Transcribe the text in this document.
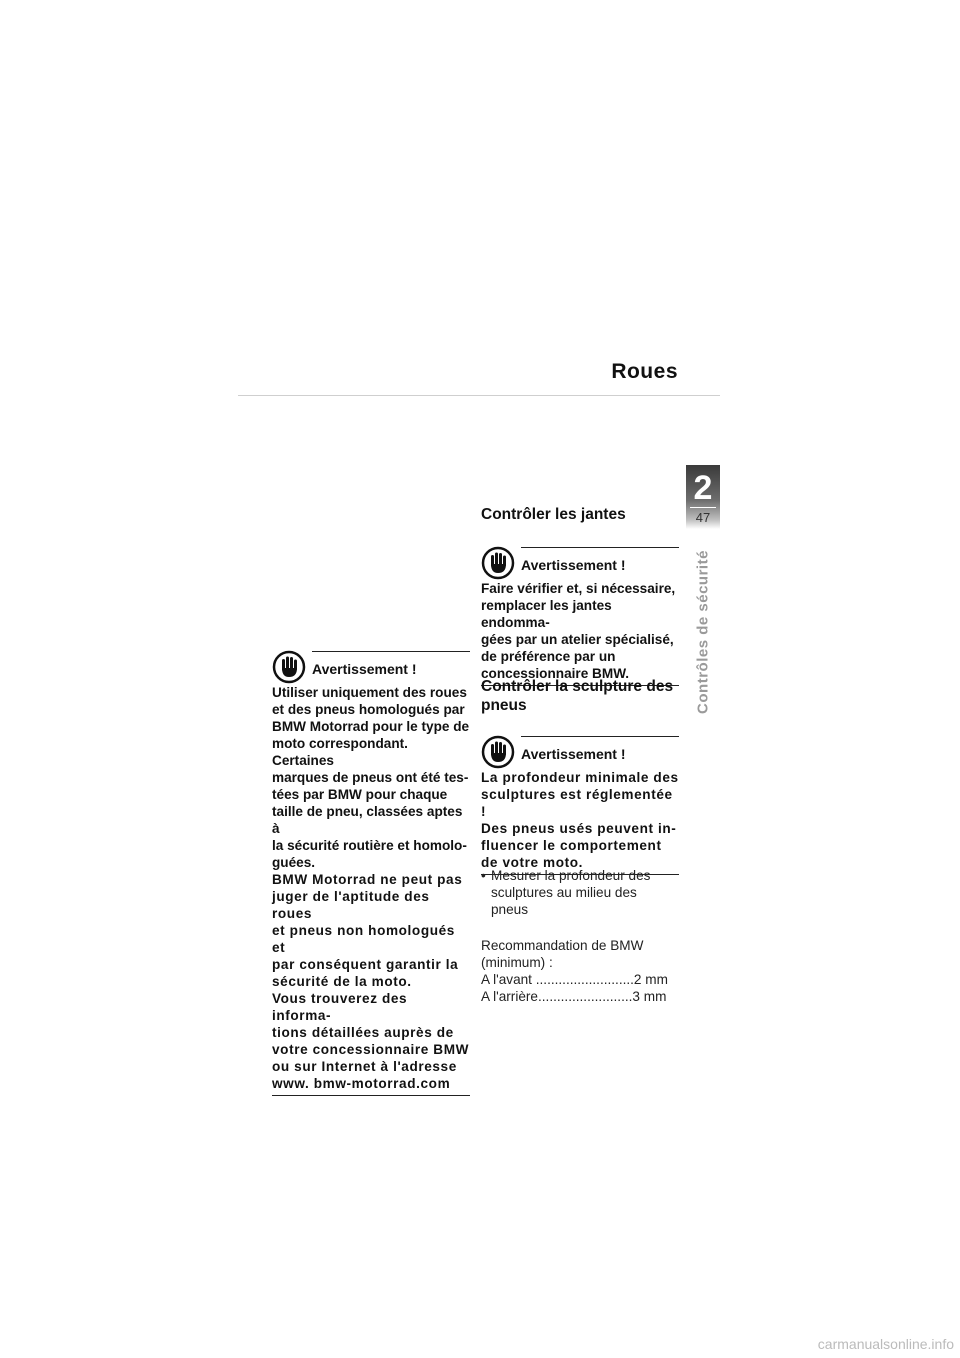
Roues
2
47
Contrôles de sécurité
Avertissement !
Utiliser uniquement des roues
et des pneus homologués par
BMW Motorrad pour le type de
moto correspondant. Certaines
marques de pneus ont été tes-
tées par BMW pour chaque
taille de pneu, classées aptes à
la sécurité routière et homolo-
guées.
BMW Motorrad ne peut pas
juger de l'aptitude des roues
et pneus non homologués et
par conséquent garantir la
sécurité de la moto.
Vous trouverez des informa-
tions détaillées auprès de
votre concessionnaire BMW
ou sur Internet à l'adresse
www. bmw-motorrad.com
Contrôler les jantes
Avertissement !
Faire vérifier et, si nécessaire,
remplacer les jantes endomma-
gées par un atelier spécialisé,
de préférence par un
concessionnaire BMW.
Contrôler la sculpture des
pneus
Avertissement !
La profondeur minimale des
sculptures est réglementée !
Des pneus usés peuvent in-
fluencer le comportement
de votre moto.
• Mesurer la profondeur des
sculptures au milieu des
pneus
Recommandation de BMW
(minimum) :
A l'avant ..........................2 mm
A l'arrière.........................3 mm
carmanualsonline.info
